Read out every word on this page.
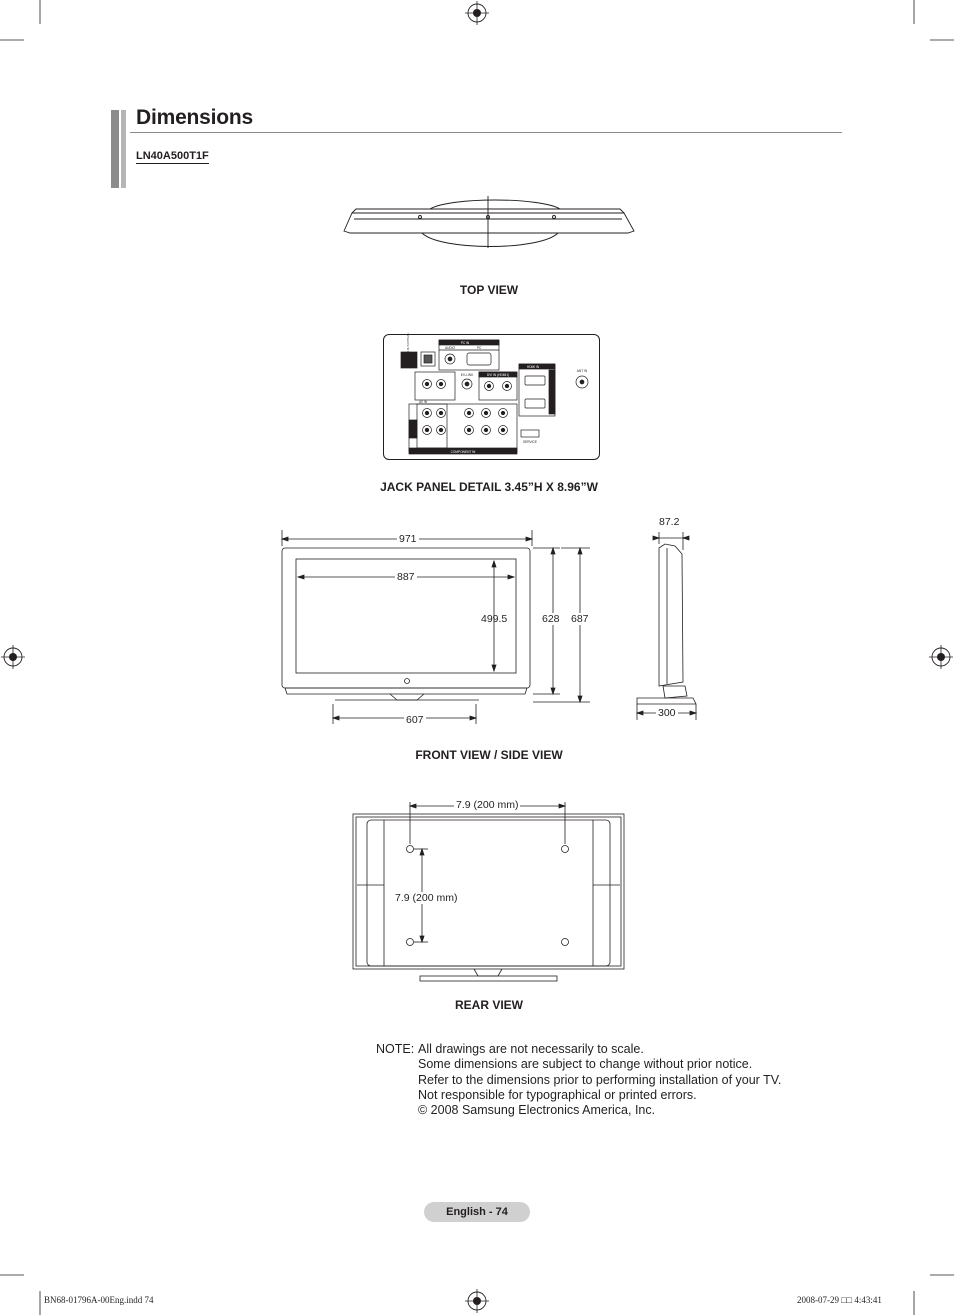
Dimensions
LN40A500T1F
TOP VIEW
PC IN
AUDIO	PC
HDMI IN
ANT IN
DVI IN (HDMI1)
EX-LINK
AV IN
COMPONENT IN
SERVICE
DIGITAL AUDIO OUT (OPTICAL)
JACK PANEL DETAIL 3.45”H X 8.96”W
971
887
499.5	628 687
607
87.2
300
FRONT VIEW / SIDE VIEW
7.9 (200 mm)
7.9 (200 mm)
REAR VIEW
NOTE: All drawings are not necessarily to scale.
Some dimensions are subject to change without prior notice.
Refer to the dimensions prior to performing installation of your TV.
Not responsible for typographical or printed errors.
© 2008 Samsung Electronics America, Inc.
English - 74
BN68-01796A-00Eng.indd 74	2008-07-29 □□ 4:43:41
